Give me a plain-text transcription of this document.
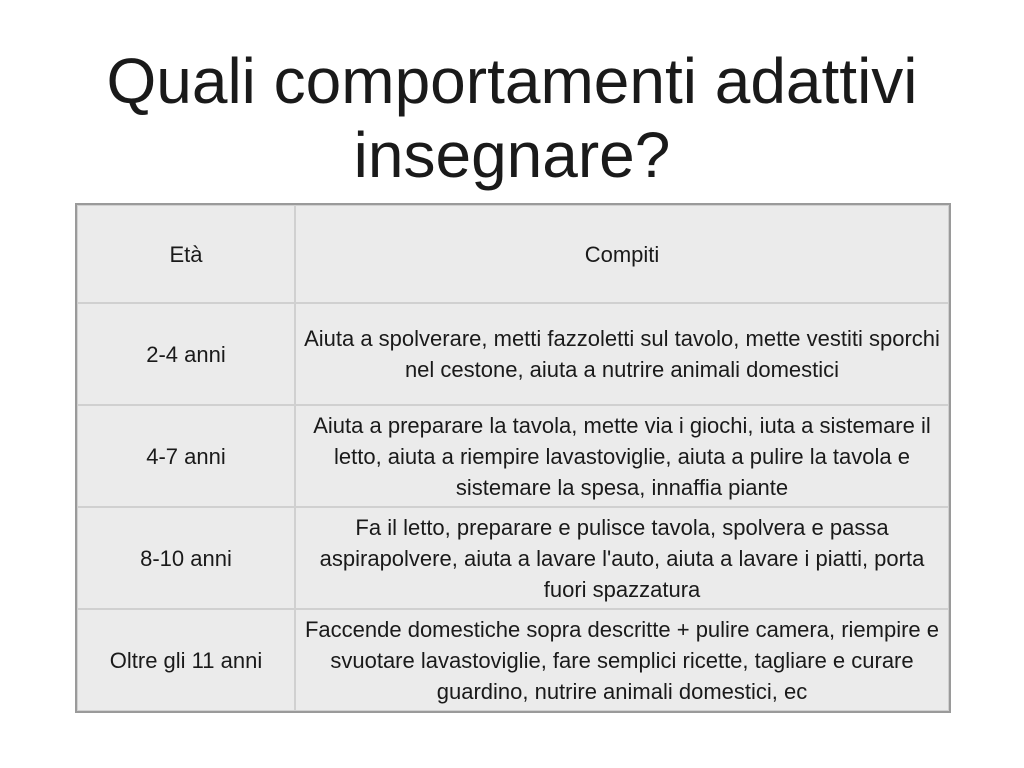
Quali comportamenti adattivi
insegnare?
Età	Compiti
2-4 anni	Aiuta a spolverare, metti fazzoletti sul tavolo, mette vestiti sporchi nel cestone, aiuta a nutrire animali domestici
4-7 anni	Aiuta a preparare la tavola, mette via i giochi, iuta a sistemare il letto, aiuta a riempire lavastoviglie, aiuta a pulire la tavola e sistemare la spesa, innaffia piante
8-10 anni	Fa il letto, preparare e pulisce tavola, spolvera e passa aspirapolvere, aiuta a lavare l'auto, aiuta a lavare i piatti, porta fuori spazzatura
Oltre gli 11 anni	Faccende domestiche sopra descritte + pulire camera, riempire e svuotare lavastoviglie, fare semplici ricette, tagliare e curare guardino, nutrire animali domestici, ec
